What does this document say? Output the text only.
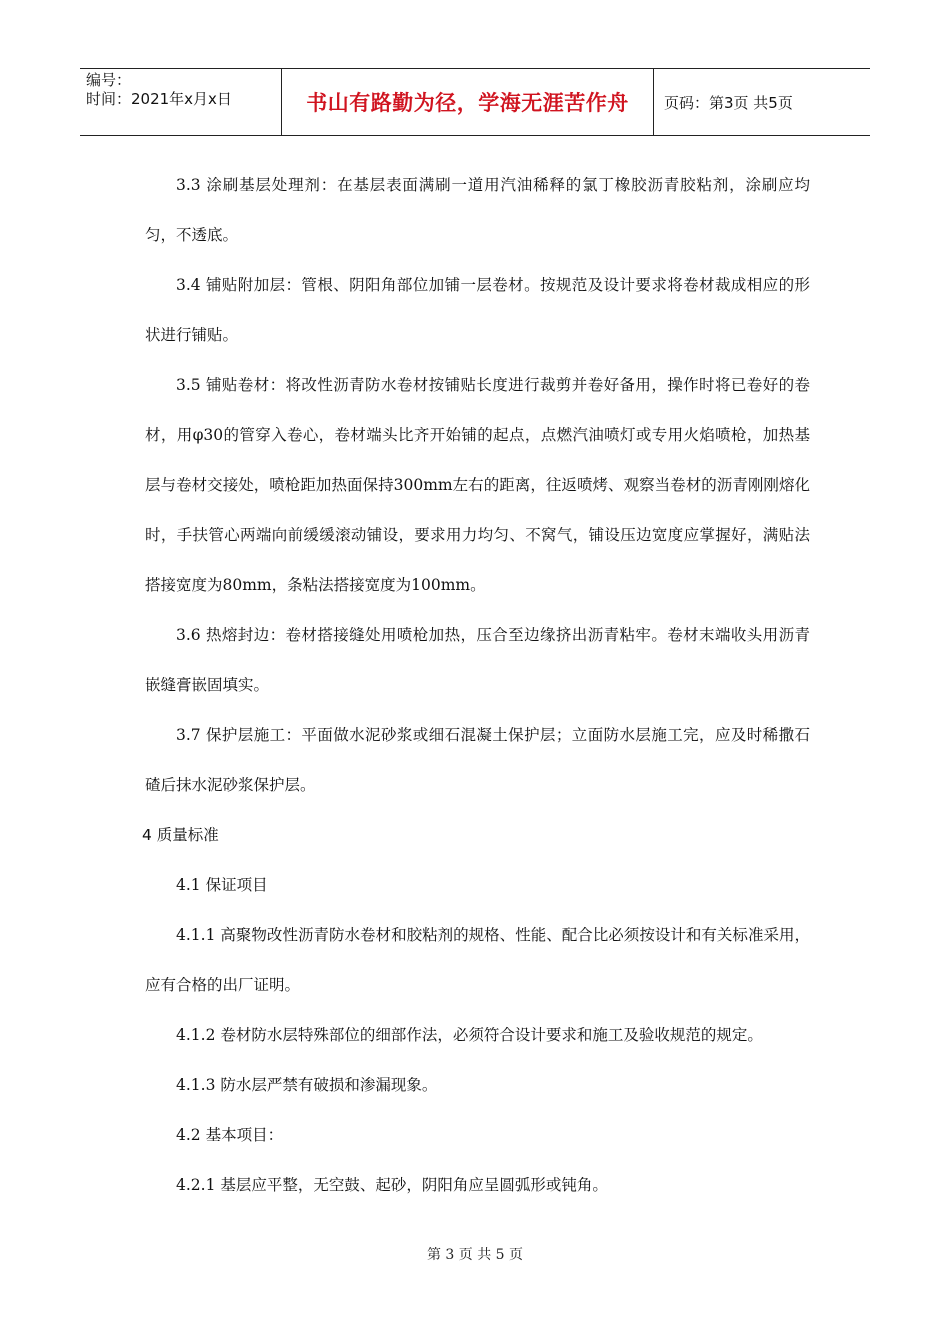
编号：
时间：2021年x月x日	书山有路勤为径，学海无涯苦作舟	页码：第3页 共5页

3.3 涂刷基层处理剂：在基层表面满刷一道用汽油稀释的氯丁橡胶沥青胶粘剂，涂刷应均匀，不透底。

3.4 铺贴附加层：管根、阴阳角部位加铺一层卷材。按规范及设计要求将卷材裁成相应的形状进行铺贴。

3.5 铺贴卷材：将改性沥青防水卷材按铺贴长度进行裁剪并卷好备用，操作时将已卷好的卷材，用φ30的管穿入卷心，卷材端头比齐开始铺的起点，点燃汽油喷灯或专用火焰喷枪，加热基层与卷材交接处，喷枪距加热面保持300mm左右的距离，往返喷烤、观察当卷材的沥青刚刚熔化时，手扶管心两端向前缓缓滚动铺设，要求用力均匀、不窝气，铺设压边宽度应掌握好，满贴法搭接宽度为80mm，条粘法搭接宽度为100mm。

3.6 热熔封边：卷材搭接缝处用喷枪加热，压合至边缘挤出沥青粘牢。卷材末端收头用沥青嵌缝膏嵌固填实。

3.7 保护层施工：平面做水泥砂浆或细石混凝土保护层；立面防水层施工完，应及时稀撒石碴后抹水泥砂浆保护层。

4 质量标准

4.1 保证项目

4.1.1 高聚物改性沥青防水卷材和胶粘剂的规格、性能、配合比必须按设计和有关标准采用，应有合格的出厂证明。

4.1.2 卷材防水层特殊部位的细部作法，必须符合设计要求和施工及验收规范的规定。

4.1.3 防水层严禁有破损和渗漏现象。

4.2 基本项目：

4.2.1 基层应平整，无空鼓、起砂，阴阳角应呈圆弧形或钝角。

第 3 页 共 5 页
